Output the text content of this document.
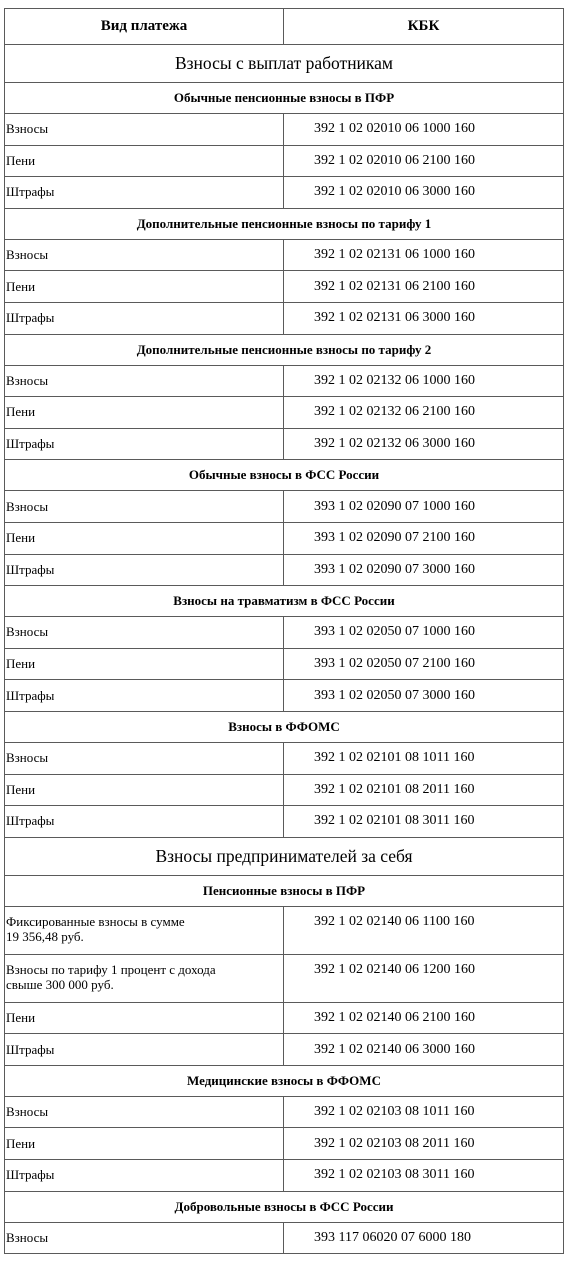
Вид платежа	КБК
Взносы с выплат работникам	
Обычные пенсионные взносы в ПФР	
Взносы	392 1 02 02010 06 1000 160
Пени	392 1 02 02010 06 2100 160
Штрафы	392 1 02 02010 06 3000 160
Дополнительные пенсионные взносы по тарифу 1	
Взносы	392 1 02 02131 06 1000 160
Пени	392 1 02 02131 06 2100 160
Штрафы	392 1 02 02131 06 3000 160
Дополнительные пенсионные взносы по тарифу 2	
Взносы	392 1 02 02132 06 1000 160
Пени	392 1 02 02132 06 2100 160
Штрафы	392 1 02 02132 06 3000 160
Обычные взносы в ФСС России	
Взносы	393 1 02 02090 07 1000 160
Пени	393 1 02 02090 07 2100 160
Штрафы	393 1 02 02090 07 3000 160
Взносы на травматизм в ФСС России	
Взносы	393 1 02 02050 07 1000 160
Пени	393 1 02 02050 07 2100 160
Штрафы	393 1 02 02050 07 3000 160
Взносы в ФФОМС	
Взносы	392 1 02 02101 08 1011 160
Пени	392 1 02 02101 08 2011 160
Штрафы	392 1 02 02101 08 3011 160
Взносы предпринимателей за себя	
Пенсионные взносы в ПФР	
Фиксированные взносы в сумме
19 356,48 руб.	392 1 02 02140 06 1100 160
Взносы по тарифу 1 процент с дохода
свыше 300 000 руб.	392 1 02 02140 06 1200 160
Пени	392 1 02 02140 06 2100 160
Штрафы	392 1 02 02140 06 3000 160
Медицинские взносы в ФФОМС	
Взносы	392 1 02 02103 08 1011 160
Пени	392 1 02 02103 08 2011 160
Штрафы	392 1 02 02103 08 3011 160
Добровольные взносы в ФСС России	
Взносы	393 117 06020 07 6000 180
